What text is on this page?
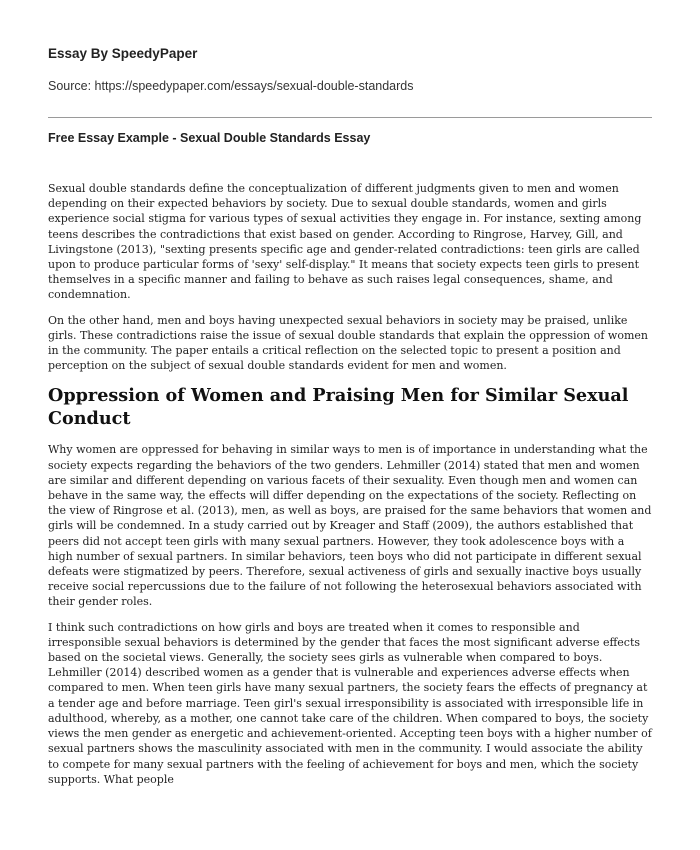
Essay By SpeedyPaper

Source: https://speedypaper.com/essays/sexual-double-standards

Free Essay Example - Sexual Double Standards Essay

Sexual double standards define the conceptualization of different judgments given to men and women depending on their expected behaviors by society. Due to sexual double standards, women and girls experience social stigma for various types of sexual activities they engage in. For instance, sexting among teens describes the contradictions that exist based on gender. According to Ringrose, Harvey, Gill, and Livingstone (2013), "sexting presents specific age and gender-related contradictions: teen girls are called upon to produce particular forms of 'sexy' self-display." It means that society expects teen girls to present themselves in a specific manner and failing to behave as such raises legal consequences, shame, and condemnation.

On the other hand, men and boys having unexpected sexual behaviors in society may be praised, unlike girls. These contradictions raise the issue of sexual double standards that explain the oppression of women in the community. The paper entails a critical reflection on the selected topic to present a position and perception on the subject of sexual double standards evident for men and women.

Oppression of Women and Praising Men for Similar Sexual Conduct

Why women are oppressed for behaving in similar ways to men is of importance in understanding what the society expects regarding the behaviors of the two genders. Lehmiller (2014) stated that men and women are similar and different depending on various facets of their sexuality. Even though men and women can behave in the same way, the effects will differ depending on the expectations of the society. Reflecting on the view of Ringrose et al. (2013), men, as well as boys, are praised for the same behaviors that women and girls will be condemned. In a study carried out by Kreager and Staff (2009), the authors established that peers did not accept teen girls with many sexual partners. However, they took adolescence boys with a high number of sexual partners. In similar behaviors, teen boys who did not participate in different sexual defeats were stigmatized by peers. Therefore, sexual activeness of girls and sexually inactive boys usually receive social repercussions due to the failure of not following the heterosexual behaviors associated with their gender roles.

I think such contradictions on how girls and boys are treated when it comes to responsible and irresponsible sexual behaviors is determined by the gender that faces the most significant adverse effects based on the societal views. Generally, the society sees girls as vulnerable when compared to boys. Lehmiller (2014) described women as a gender that is vulnerable and experiences adverse effects when compared to men. When teen girls have many sexual partners, the society fears the effects of pregnancy at a tender age and before marriage. Teen girl's sexual irresponsibility is associated with irresponsible life in adulthood, whereby, as a mother, one cannot take care of the children. When compared to boys, the society views the men gender as energetic and achievement-oriented. Accepting teen boys with a higher number of sexual partners shows the masculinity associated with men in the community. I would associate the ability to compete for many sexual partners with the feeling of achievement for boys and men, which the society supports. What people
